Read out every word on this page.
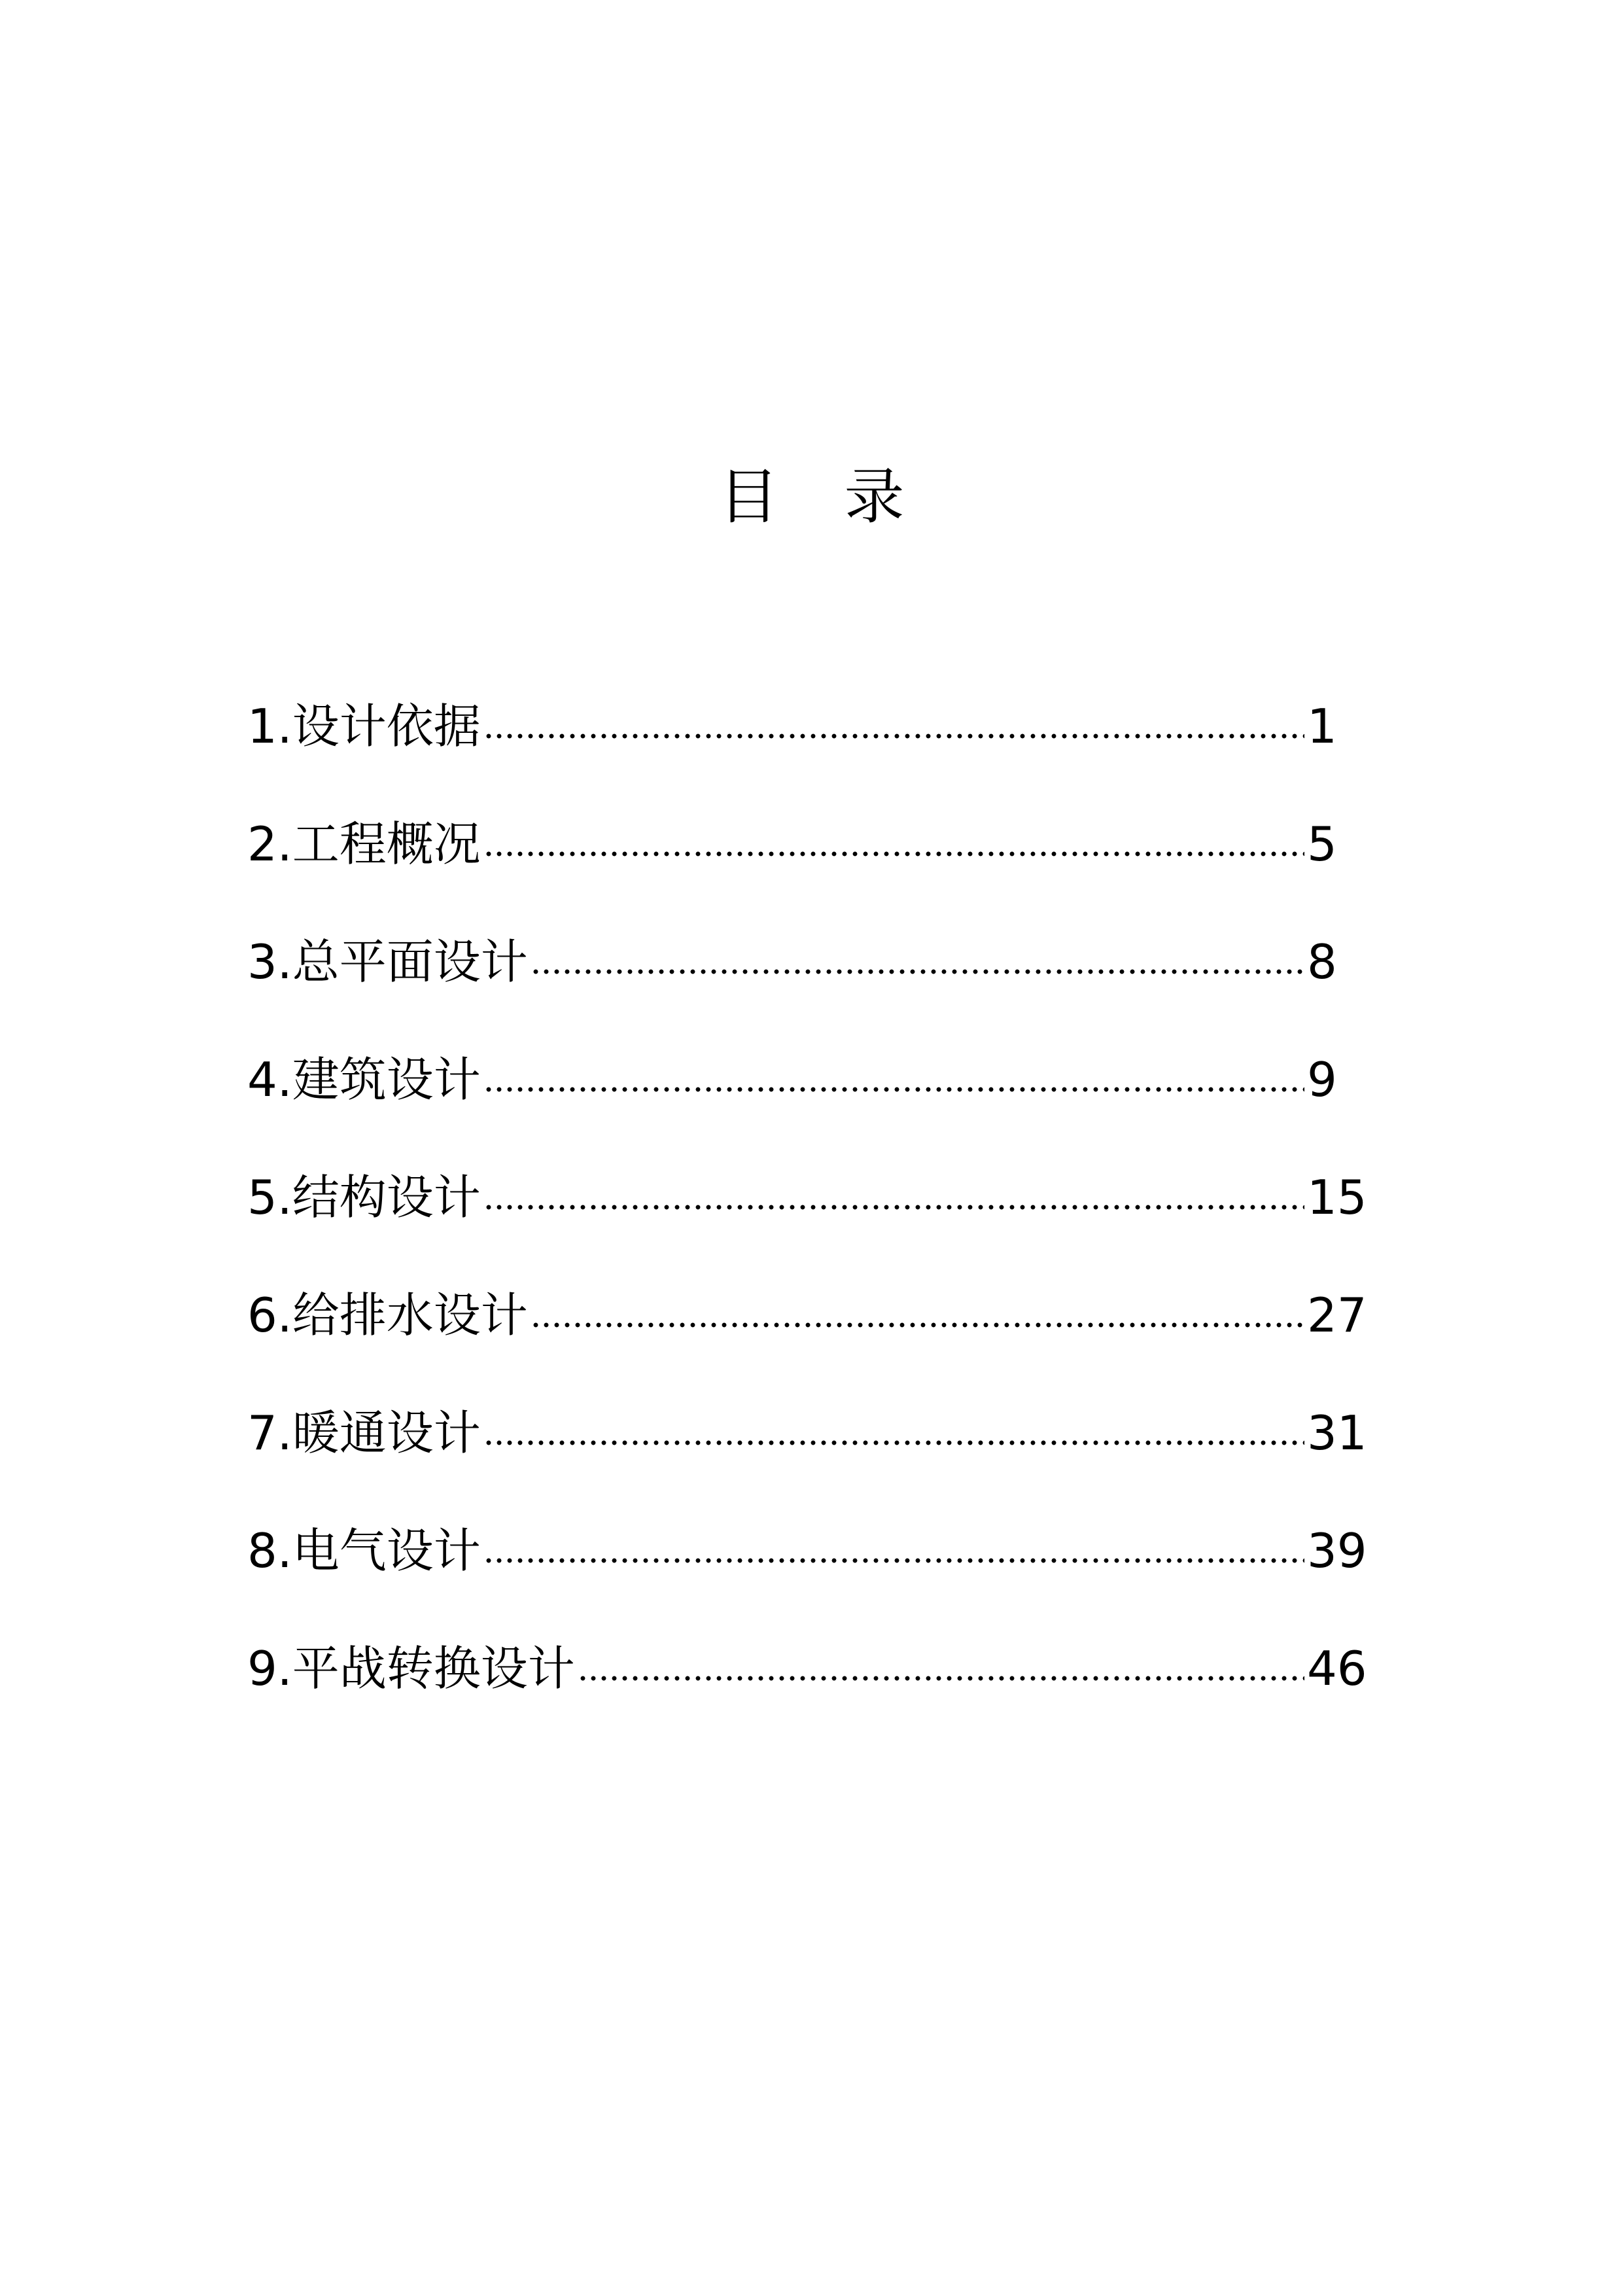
目 录
1.设计依据	1
2.工程概况	5
3.总平面设计	8
4.建筑设计	9
5.结构设计	15
6.给排水设计	27
7.暖通设计	31
8.电气设计	39
9.平战转换设计	46
